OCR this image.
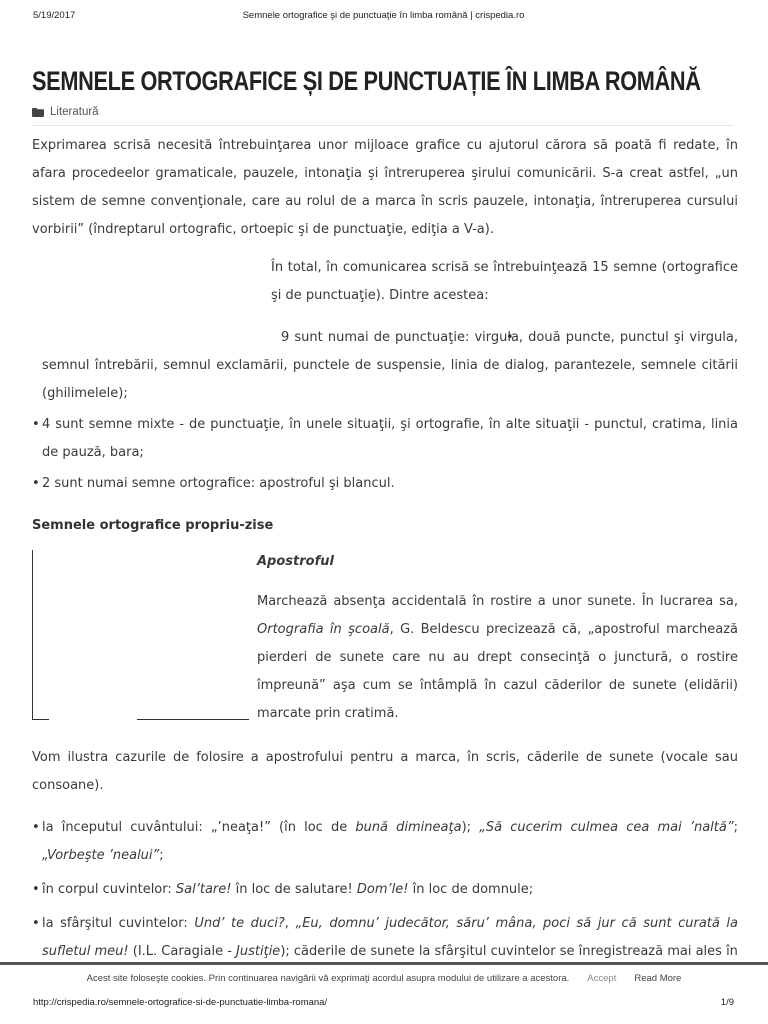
5/19/2017	Semnele ortografice şi de punctuaţie în limba română | crispedia.ro
SEMNELE ORTOGRAFICE ȘI DE PUNCTUAȚIE ÎN LIMBA ROMÂNĂ
Literatură

Exprimarea scrisă necesită întrebuinţarea unor mijloace grafice cu ajutorul cărora să poată fi redate, în afara procedeelor gramaticale, pauzele, intonaţia şi întreruperea şirului comunicării. S-a creat astfel, „un sistem de semne convenţionale, care au rolul de a marca în scris pauzele, intonaţia, întreruperea cursului vorbirii” (îndreptarul ortografic, ortoepic şi de punctuaţie, ediţia a V-a).

În total, în comunicarea scrisă se întrebuinţează 15 semne (ortografice şi de punctuaţie). Dintre acestea:

• 9 sunt numai de punctuaţie: virgula, două puncte, punctul şi virgula, semnul întrebării, semnul exclamării, punctele de suspensie, linia de dialog, parantezele, semnele citării (ghilimelele);
• 4 sunt semne mixte - de punctuaţie, în unele situaţii, şi ortografie, în alte situaţii - punctul, cratima, linia de pauză, bara;
• 2 sunt numai semne ortografice: apostroful şi blancul.

Semnele ortografice propriu-zise

Apostroful

Marchează absenţa accidentală în rostire a unor sunete. În lucrarea sa, Ortografia în şcoală, G. Beldescu precizează că, „apostroful marchează pierderi de sunete care nu au drept consecinţă o junctură, o rostire împreună” aşa cum se întâmplă în cazul căderilor de sunete (elidării) marcate prin cratimă.

Vom ilustra cazurile de folosire a apostrofului pentru a marca, în scris, căderile de sunete (vocale sau consoane).

• la începutul cuvântului: „’neaţa!” (în loc de bună dimineaţa); „Să cucerim culmea cea mai ’naltă”; „Vorbeşte ’nealui”;
• în corpul cuvintelor: Sal’tare! în loc de salutare! Dom’le! în loc de domnule;
• la sfârşitul cuvintelor: Und’ te duci?, „Eu, domnu’ judecător, săru’ mâna, poci să jur că sunt curată la sufletul meu! (I.L. Caragiale - Justiţie); căderile de sunete la sfârşitul cuvintelor se înregistrează mai ales în
Acest site foloseşte cookies. Prin continuarea navigării vă exprimaţi acordul asupra modului de utilizare a acestora. Accept Read More
http://crispedia.ro/semnele-ortografice-si-de-punctuatie-limba-romana/	1/9
